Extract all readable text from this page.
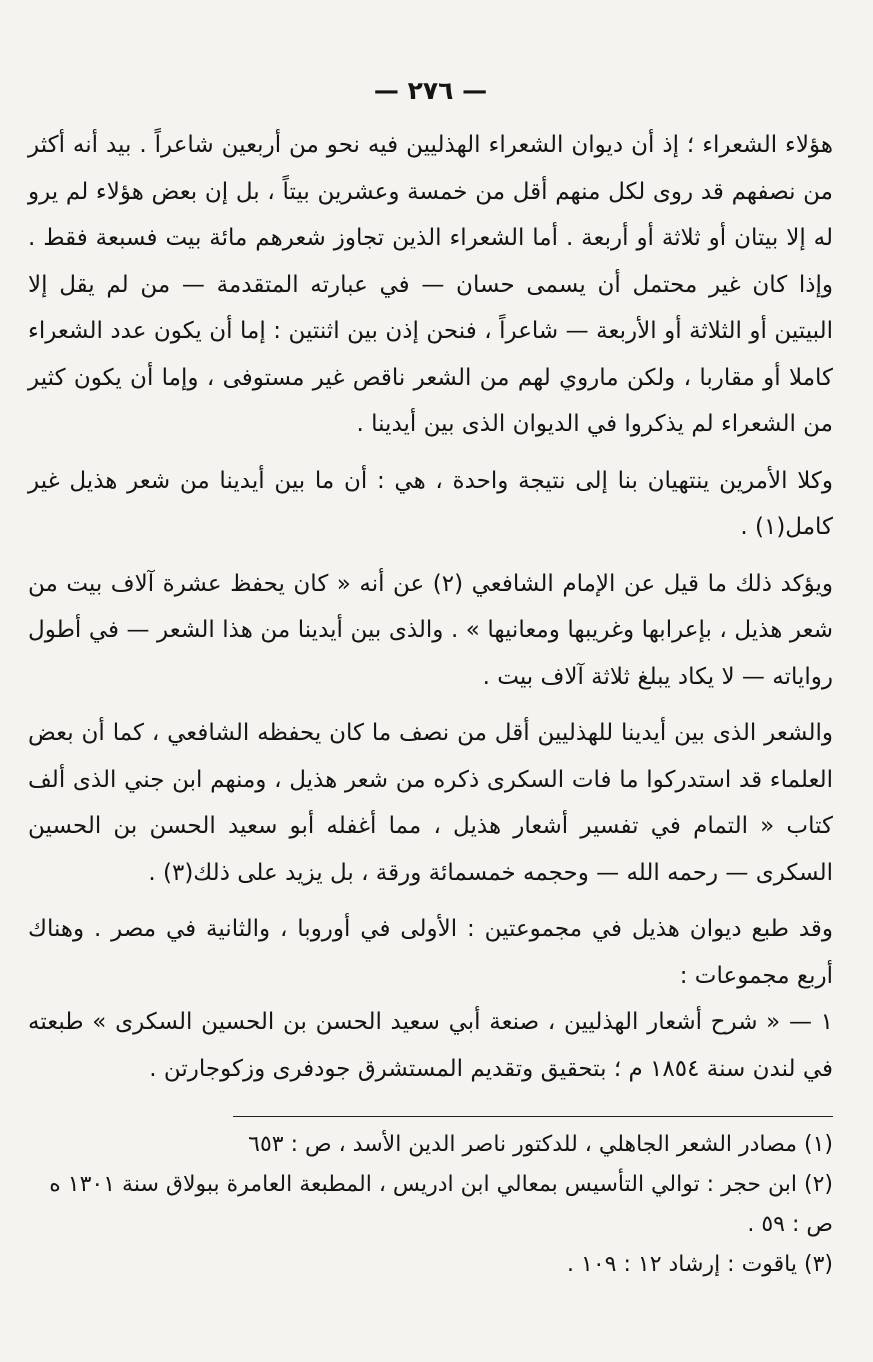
— ٢٧٦ —

هؤلاء الشعراء ؛ إذ أن ديوان الشعراء الهذليين فيه نحو من أربعين شاعراً . بيد أنه أكثر من نصفهم قد روى لكل منهم أقل من خمسة وعشرين بيتاً ، بل إن بعض هؤلاء لم يرو له إلا بيتان أو ثلاثة أو أربعة . أما الشعراء الذين تجاوز شعرهم مائة بيت فسبعة فقط . وإذا كان غير محتمل أن يسمى حسان — في عبارته المتقدمة — من لم يقل إلا البيتين أو الثلاثة أو الأربعة — شاعراً ، فنحن إذن بين اثنتين : إما أن يكون عدد الشعراء كاملا أو مقاربا ، ولكن ماروي لهم من الشعر ناقص غير مستوفى ، وإما أن يكون كثير من الشعراء لم يذكروا في الديوان الذى بين أيدينا .

وكلا الأمرين ينتهيان بنا إلى نتيجة واحدة ، هي : أن ما بين أيدينا من شعر هذيل غير كامل(١) .

ويؤكد ذلك ما قيل عن الإمام الشافعي (٢) عن أنه « كان يحفظ عشرة آلاف بيت من شعر هذيل ، بإعرابها وغريبها ومعانيها » . والذى بين أيدينا من هذا الشعر — في أطول رواياته — لا يكاد يبلغ ثلاثة آلاف بيت .

والشعر الذى بين أيدينا للهذليين أقل من نصف ما كان يحفظه الشافعي ، كما أن بعض العلماء قد استدركوا ما فات السكرى ذكره من شعر هذيل ، ومنهم ابن جني الذى ألف كتاب « التمام في تفسير أشعار هذيل ، مما أغفله أبو سعيد الحسن بن الحسين السكرى — رحمه الله — وحجمه خمسمائة ورقة ، بل يزيد على ذلك(٣) .

وقد طبع ديوان هذيل في مجموعتين : الأولى في أوروبا ، والثانية في مصر . وهناك أربع مجموعات :

١ — « شرح أشعار الهذليين ، صنعة أبي سعيد الحسن بن الحسين السكرى » طبعته في لندن سنة ١٨٥٤ م ؛ بتحقيق وتقديم المستشرق جودفرى وزكوجارتن .

(١) مصادر الشعر الجاهلي ، للدكتور ناصر الدين الأسد ، ص : ٦٥٣

(٢) ابن حجر : توالي التأسيس بمعالي ابن ادريس ، المطبعة العامرة ببولاق سنة ١٣٠١ ه

ص : ٥٩ .

(٣) ياقوت : إرشاد ١٢ : ١٠٩ .
